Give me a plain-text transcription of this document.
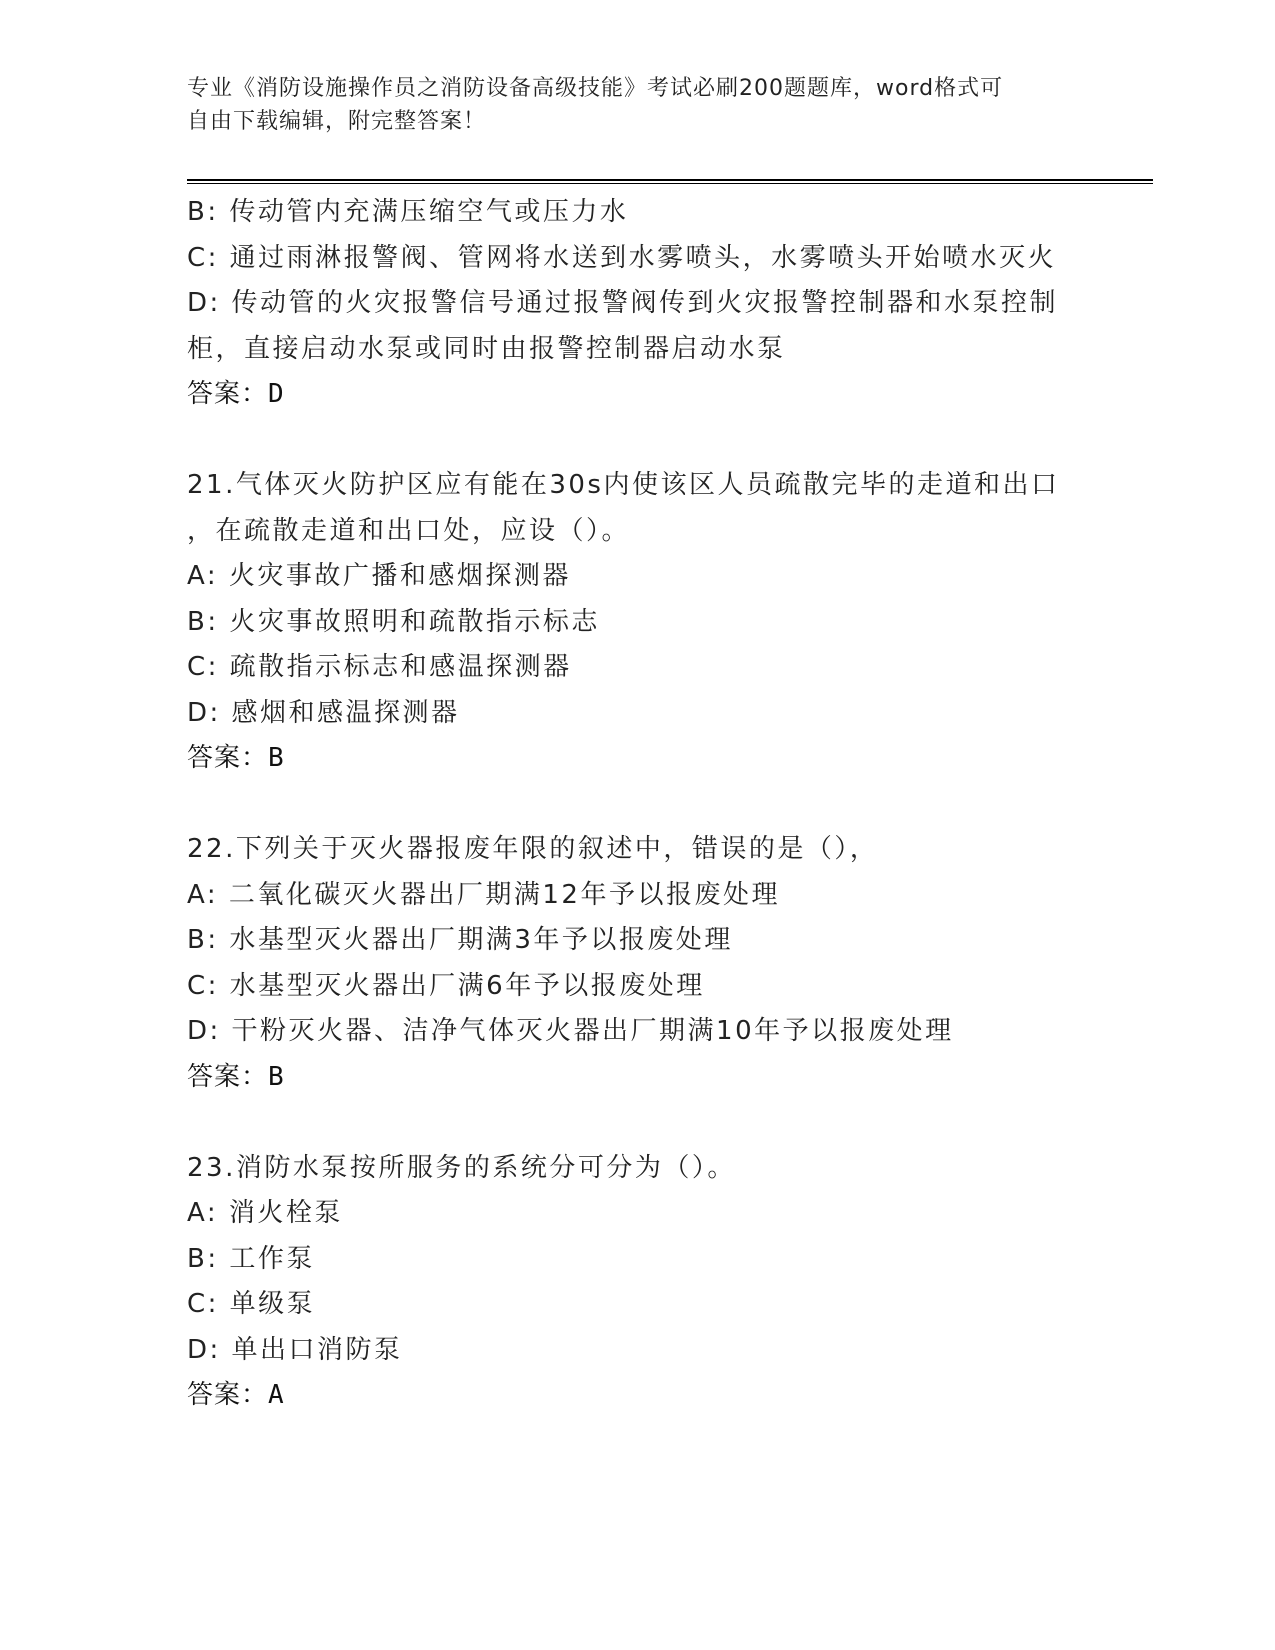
专业《消防设施操作员之消防设备高级技能》考试必刷200题题库，word格式可
自由下载编辑，附完整答案！
B: 传动管内充满压缩空气或压力水
C: 通过雨淋报警阀、管网将水送到水雾喷头，水雾喷头开始喷水灭火
D: 传动管的火灾报警信号通过报警阀传到火灾报警控制器和水泵控制
柜，直接启动水泵或同时由报警控制器启动水泵
答案：D
21.气体灭火防护区应有能在30s内使该区人员疏散完毕的走道和出口
，在疏散走道和出口处，应设（）。
A: 火灾事故广播和感烟探测器
B: 火灾事故照明和疏散指示标志
C: 疏散指示标志和感温探测器
D: 感烟和感温探测器
答案：B
22.下列关于灭火器报废年限的叙述中，错误的是（），
A: 二氧化碳灭火器出厂期满12年予以报废处理
B: 水基型灭火器出厂期满3年予以报废处理
C: 水基型灭火器出厂满6年予以报废处理
D: 干粉灭火器、洁净气体灭火器出厂期满10年予以报废处理
答案：B
23.消防水泵按所服务的系统分可分为（）。
A: 消火栓泵
B: 工作泵
C: 单级泵
D: 单出口消防泵
答案：A
